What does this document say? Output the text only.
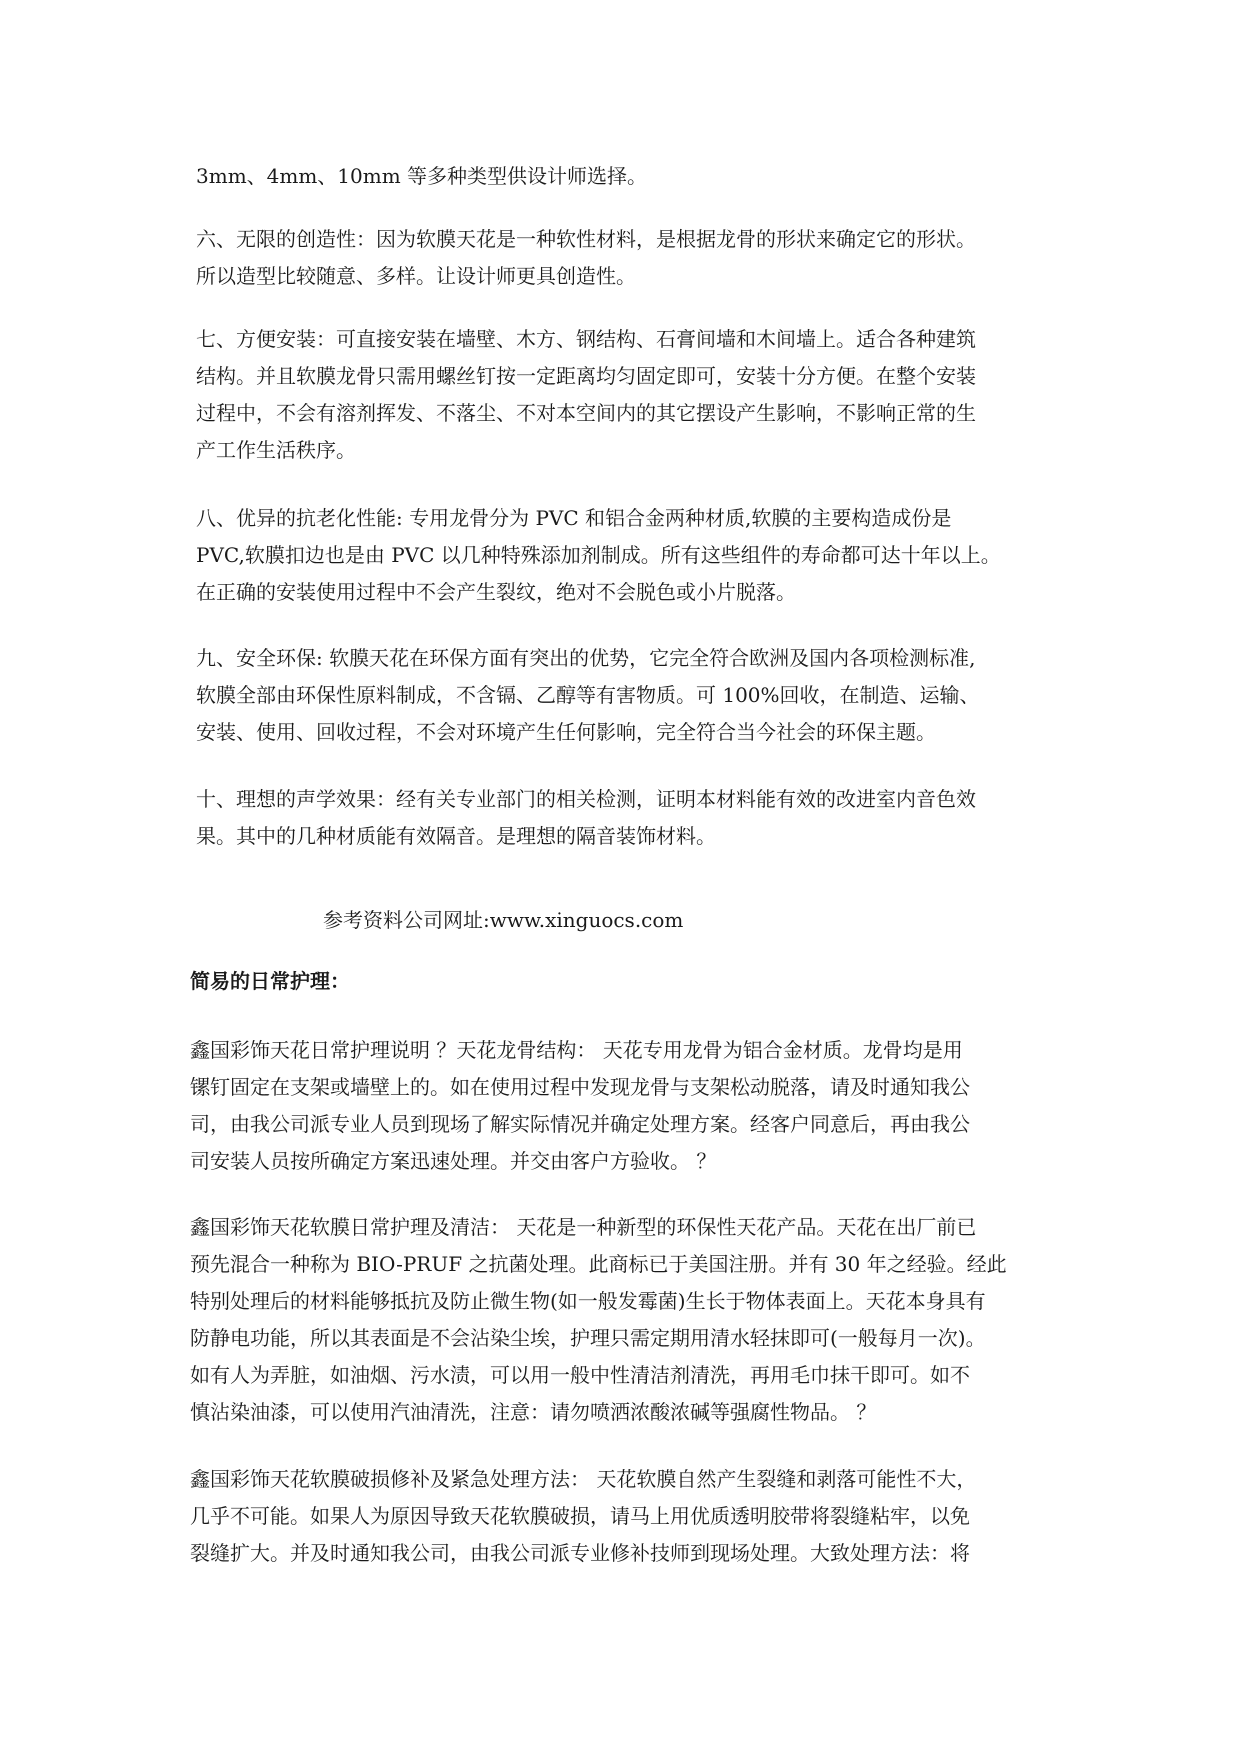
3mm、4mm、10mm 等多种类型供设计师选择。
六、无限的创造性：因为软膜天花是一种软性材料，是根据龙骨的形状来确定它的形状。
所以造型比较随意、多样。让设计师更具创造性。
七、方便安装：可直接安装在墙壁、木方、钢结构、石膏间墙和木间墙上。适合各种建筑
结构。并且软膜龙骨只需用螺丝钉按一定距离均匀固定即可，安装十分方便。在整个安装
过程中，不会有溶剂挥发、不落尘、不对本空间内的其它摆设产生影响，不影响正常的生
产工作生活秩序。
八、优异的抗老化性能: 专用龙骨分为 PVC 和铝合金两种材质,软膜的主要构造成份是
PVC,软膜扣边也是由 PVC 以几种特殊添加剂制成。所有这些组件的寿命都可达十年以上。
在正确的安装使用过程中不会产生裂纹，绝对不会脱色或小片脱落。
九、安全环保: 软膜天花在环保方面有突出的优势，它完全符合欧洲及国内各项检测标准,
软膜全部由环保性原料制成，不含镉、乙醇等有害物质。可 100%回收，在制造、运输、
安装、使用、回收过程，不会对环境产生任何影响，完全符合当今社会的环保主题。
十、理想的声学效果：经有关专业部门的相关检测，证明本材料能有效的改进室内音色效
果。其中的几种材质能有效隔音。是理想的隔音装饰材料。
参考资料公司网址:www.xinguocs.com
简易的日常护理：
鑫国彩饰天花日常护理说明 ？天花龙骨结构： 天花专用龙骨为铝合金材质。龙骨均是用
镙钉固定在支架或墙壁上的。如在使用过程中发现龙骨与支架松动脱落，请及时通知我公
司，由我公司派专业人员到现场了解实际情况并确定处理方案。经客户同意后，再由我公
司安装人员按所确定方案迅速处理。并交由客户方验收。 ？
鑫国彩饰天花软膜日常护理及清洁： 天花是一种新型的环保性天花产品。天花在出厂前已
预先混合一种称为 BIO-PRUF 之抗菌处理。此商标已于美国注册。并有 30 年之经验。经此
特别处理后的材料能够抵抗及防止微生物(如一般发霉菌)生长于物体表面上。天花本身具有
防静电功能，所以其表面是不会沾染尘埃，护理只需定期用清水轻抹即可(一般每月一次)。
如有人为弄脏，如油烟、污水渍，可以用一般中性清洁剂清洗，再用毛巾抹干即可。如不
慎沾染油漆，可以使用汽油清洗，注意：请勿喷洒浓酸浓碱等强腐性物品。 ？
鑫国彩饰天花软膜破损修补及紧急处理方法： 天花软膜自然产生裂缝和剥落可能性不大，
几乎不可能。如果人为原因导致天花软膜破损，请马上用优质透明胶带将裂缝粘牢，以免
裂缝扩大。并及时通知我公司，由我公司派专业修补技师到现场处理。大致处理方法：将
